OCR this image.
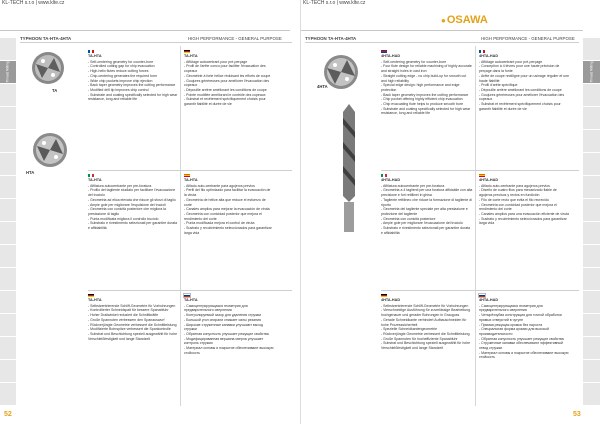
KL-TECH s.r.o | www.klte.cz
Thread Milling
TYPHOON TA-HTA-4HTA	HIGH PERFORMANCE - GENERAL PURPOSE
TA
HTA
TA-HTA

- Self-centering geometry for counter-bore

- Controlled cutting gap for chip evacuation

- High-helix flutes reduce cutting forces

- Chip-centering generates the required form

- Wide chip pockets improve chip ejection

- Back taper geometry improves the cutting performance

- Modified drill tip improves chip control

- Substrate and coating specifically selected for high wear resistance, long and reliable life

TA-HTA

- Affûtage autocentrant pour pré-perçage

- Profil de l'arête concu pour faciliter l'évacuation des copeaux

- Géométrie à forte hélice réduisant les efforts de coupe

- Goujures généreuses pour améliorer l'évacuation des copeaux

- Dépouille arrière améliorant les conditions de coupe

- Pointe modifiée améliorant le contrôle des copeaux

- Substrat et revêtement spécifiquement choisis pour garantir fiabilité et durée de vie

TA-HTA

- Affilatura autocentrante per pre-foratura

- Profilo del tagliente studiato per facilitare l'evacuazione del truciolo

- Geometria ad elica elevata che riduce gli sforzi di taglio

- Ampie gole per migliorare l'espulsione dei trucioli

- Geometria con conicità posteriore che migliora la prestazione di taglio

- Punta modificata migliora il controllo truciolo

- Substrato e rivestimento selezionati per garantire durata e affidabilità

TA-HTA

- Afilado auto-centrante para agujeros previos

- Perfil del filo optimizado para facilitar la evacuación de la viruta

- Geometría de hélice alta que reduce el esfuerzo de corte

- Canales amplios para mejorar la evacuación de viruta

- Geometría con conicidad posterior que mejora el rendimiento del corte

- Punta modificada mejora el control de viruta

- Sustrato y recubrimiento seleccionados para garantizar larga vida

TA-HTA

- Selbstzentrierende Schliff-Geometrie für Vorbohrungen

- Kontrollierter Schneidspalt für bessere Spanabfuhr

- Hoher Drallwinkel reduziert die Schnittkräfte

- Große Spannuten verbessern den Spanauswurf

- Rückverjüngte Geometrie verbessert die Schnittleistung

- Modifizierte Bohrspitze verbessert die Spankontrolle

- Substrat und Beschichtung speziell ausgewählt für hohe Verschleißfestigkeit und lange Standzeit

TA-HTA

- Самоцентрирующаяся геометрия для предварительного сверления

- Контролируемый зазор для удаления стружки

- Большой угол спирали снижает силы резания

- Широкие стружечные канавки улучшают выход стружки

- Обратная конусность улучшает режущие свойства

- Модифицированная вершина сверла улучшает контроль стружки

- Материал основы и покрытие обеспечивают высокую стойкость

52
KL-TECH s.r.o | www.klte.cz
●OSAWA
Thread Milling
TYPHOON TA-HTA-4HTA	HIGH PERFORMANCE - GENERAL PURPOSE
4HTA
4HTA-HAD

- Self-centering geometry for counter-bore

- Four flute design for reliable machining of highly accurate and straight holes in cast iron

- Straight cutting edge - no chip build-up for smooth cut and high reliability

- Special edge design: high performance and edge protection

- Back taper geometry improves the cutting performance

- Chip pocket offering highly efficient chip evacuation

- Chip evacuating flute helps to produce smooth bore

- Substrate and coating specifically selected for high wear resistance, long and reliable life

4HTA-HAD

- Affûtage autocentrant pour pré-perçage

- Conception à 4 lèvres pour une haute précision de perçage dans la fonte

- Arête de coupe rectiligne pour un usinage régulier et une haute fiabilité

- Profil d'arête spécifique

- Dépouille arrière améliorant les conditions de coupe

- Goujures généreuses pour améliorer l'évacuation des copeaux

- Substrat et revêtement spécifiquement choisis pour garantir fiabilité et durée de vie

4HTA-HAD

- Affilatura autocentrante per pre-foratura

- Geometria a 4 taglienti per una foratura affidabile con alta precisione e fori rettilinei in ghisa

- Tagliente rettilineo che riduce la formazione di tagliente di riporto

- Geometria del tagliente speciale per alta prestazione e protezione del tagliente

- Geometria con conicità posteriore

- Ampie gole per migliorare l'evacuazione del truciolo

- Substrato e rivestimento selezionati per garantire durata e affidabilità

4HTA-HAD

- Afilado auto-centrante para agujeros previos

- Diseño de cuatro filos para mecanizado fiable de agujeros precisos y rectos en fundición

- Filo de corte recto que evita el filo recrecido

- Geometría con conicidad posterior que mejora el rendimiento del corte

- Canales amplios para una evacuación eficiente de viruta

- Sustrato y recubrimiento seleccionados para garantizar larga vida

4HTA-HAD

- Selbstzentrierende Schliff-Geometrie für Vorbohrungen

- Vierschneidige Ausführung für zuverlässige Bearbeitung hochgenauer und gerader Bohrungen in Grauguss

- Gerade Schneidkante verhindert Aufbauschneiden für hohe Prozesssicherheit

- Spezielle Schneidkantengeometrie

- Rückverjüngte Geometrie verbessert die Schnittleistung

- Große Spannuten für hocheffiziente Spanabfuhr

- Substrat und Beschichtung speziell ausgewählt für hohe Verschleißfestigkeit und lange Standzeit

4HTA-HAD

- Самоцентрирующаяся геометрия для предварительного сверления

- Четырёхзубая конструкция для точной обработки прямых отверстий в чугуне

- Прямая режущая кромка без нароста

- Специальная форма кромки для высокой производительности

- Обратная конусность улучшает режущие свойства

- Стружечные канавки обеспечивают эффективный отвод стружки

- Материал основы и покрытие обеспечивают высокую стойкость

53
